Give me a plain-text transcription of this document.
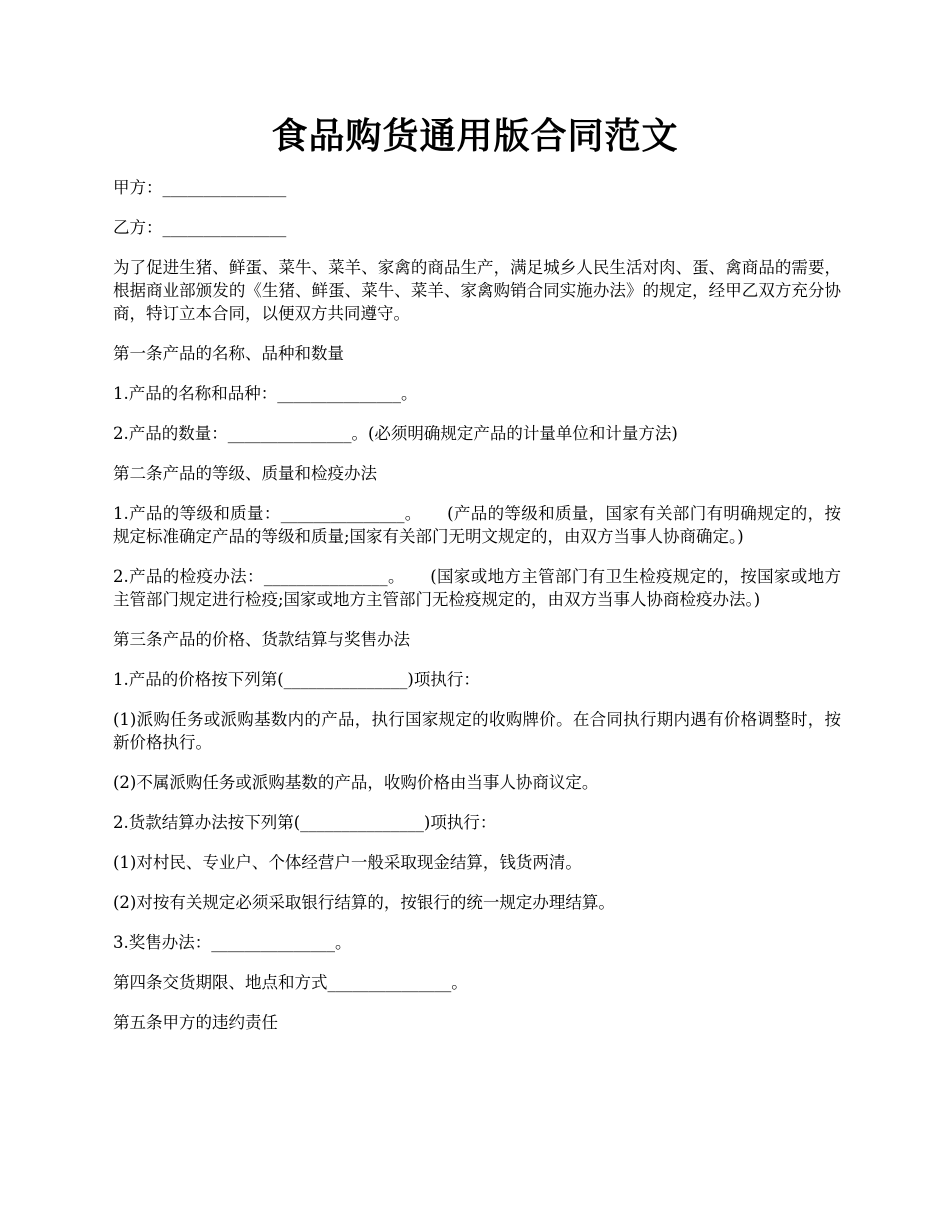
食品购货通用版合同范文

甲方：_______________

乙方：_______________

为了促进生猪、鲜蛋、菜牛、菜羊、家禽的商品生产，满足城乡人民生活对肉、蛋、禽商品的需要，根据商业部颁发的《生猪、鲜蛋、菜牛、菜羊、家禽购销合同实施办法》的规定，经甲乙双方充分协商，特订立本合同，以便双方共同遵守。

第一条产品的名称、品种和数量

1.产品的名称和品种：_______________。

2.产品的数量：_______________。(必须明确规定产品的计量单位和计量方法)

第二条产品的等级、质量和检疫办法

1.产品的等级和质量：_______________。　　(产品的等级和质量，国家有关部门有明确规定的，按规定标准确定产品的等级和质量;国家有关部门无明文规定的，由双方当事人协商确定。)

2.产品的检疫办法：_______________。　　(国家或地方主管部门有卫生检疫规定的，按国家或地方主管部门规定进行检疫;国家或地方主管部门无检疫规定的，由双方当事人协商检疫办法。)

第三条产品的价格、货款结算与奖售办法

1.产品的价格按下列第(_______________)项执行：

(1)派购任务或派购基数内的产品，执行国家规定的收购牌价。在合同执行期内遇有价格调整时，按新价格执行。

(2)不属派购任务或派购基数的产品，收购价格由当事人协商议定。

2.货款结算办法按下列第(_______________)项执行：

(1)对村民、专业户、个体经营户一般采取现金结算，钱货两清。

(2)对按有关规定必须采取银行结算的，按银行的统一规定办理结算。

3.奖售办法：_______________。

第四条交货期限、地点和方式_______________。

第五条甲方的违约责任
